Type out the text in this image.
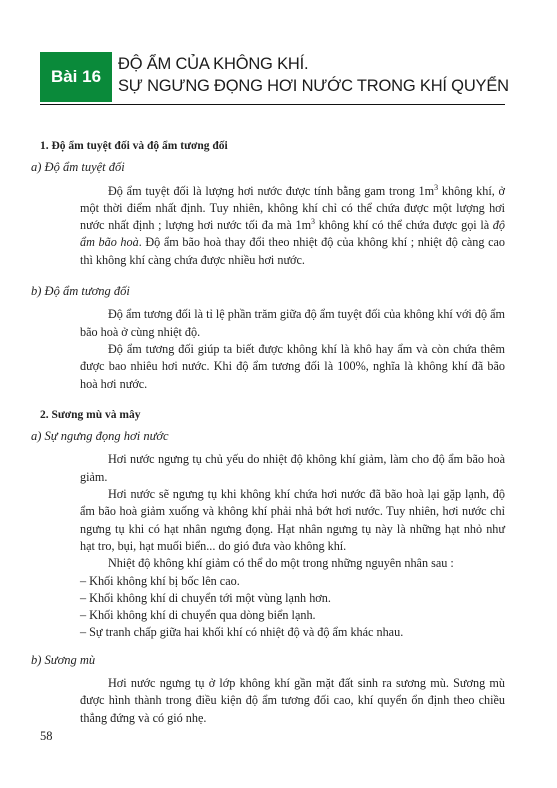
Bài 16
ĐỘ ẨM CỦA KHÔNG KHÍ.
SỰ NGƯNG ĐỌNG HƠI NƯỚC TRONG KHÍ QUYỂN
1. Độ ẩm tuyệt đối và độ ẩm tương đối
a) Độ ẩm tuyệt đối

Độ ẩm tuyệt đối là lượng hơi nước được tính bằng gam trong $1m^3$ không khí, ở một thời điểm nhất định. Tuy nhiên, không khí chỉ có thể chứa được một lượng hơi nước nhất định ; lượng hơi nước tối đa mà $1m^3$ không khí có thể chứa được gọi là độ ẩm bão hoà. Độ ẩm bão hoà thay đổi theo nhiệt độ của không khí ; nhiệt độ càng cao thì không khí càng chứa được nhiều hơi nước.

b) Độ ẩm tương đối

Độ ẩm tương đối là tỉ lệ phần trăm giữa độ ẩm tuyệt đối của không khí với độ ẩm bão hoà ở cùng nhiệt độ.

Độ ẩm tương đối giúp ta biết được không khí là khô hay ẩm và còn chứa thêm được bao nhiêu hơi nước. Khi độ ẩm tương đối là 100%, nghĩa là không khí đã bão hoà hơi nước.

2. Sương mù và mây
a) Sự ngưng đọng hơi nước

Hơi nước ngưng tụ chủ yếu do nhiệt độ không khí giảm, làm cho độ ẩm bão hoà giảm.

Hơi nước sẽ ngưng tụ khi không khí chứa hơi nước đã bão hoà lại gặp lạnh, độ ẩm bão hoà giảm xuống và không khí phải nhả bớt hơi nước. Tuy nhiên, hơi nước chỉ ngưng tụ khi có hạt nhân ngưng đọng. Hạt nhân ngưng tụ này là những hạt nhỏ như hạt tro, bụi, hạt muối biển... do gió đưa vào không khí.

Nhiệt độ không khí giảm có thể do một trong những nguyên nhân sau :

– Khối không khí bị bốc lên cao.

– Khối không khí di chuyển tới một vùng lạnh hơn.

– Khối không khí di chuyển qua dòng biển lạnh.

– Sự tranh chấp giữa hai khối khí có nhiệt độ và độ ẩm khác nhau.

b) Sương mù

Hơi nước ngưng tụ ở lớp không khí gần mặt đất sinh ra sương mù. Sương mù được hình thành trong điều kiện độ ẩm tương đối cao, khí quyển ổn định theo chiều thẳng đứng và có gió nhẹ.

58
